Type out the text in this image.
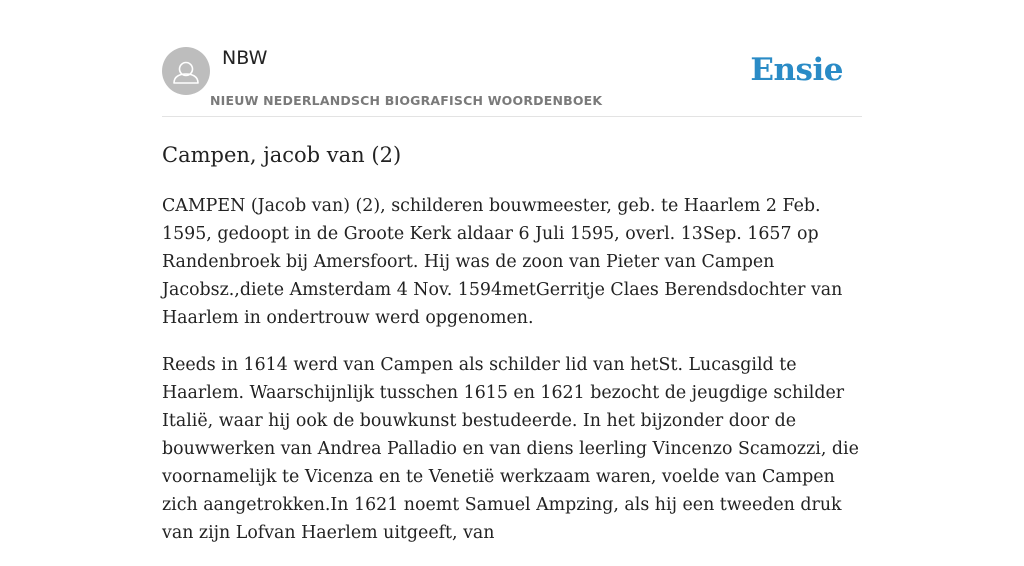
NBW
NIEUW NEDERLANDSCH BIOGRAFISCH WOORDENBOEK
Ensie
Campen, jacob van (2)

CAMPEN (Jacob van) (2), schilderen bouwmeester, geb. te Haarlem 2 Feb. 1595, gedoopt in de Groote Kerk aldaar 6 Juli 1595, overl. 13Sep. 1657 op Randenbroek bij Amersfoort. Hij was de zoon van Pieter van Campen Jacobsz.,diete Amsterdam 4 Nov. 1594metGerritje Claes Berendsdochter van Haarlem in ondertrouw werd opgenomen.

Reeds in 1614 werd van Campen als schilder lid van hetSt. Lucasgild te Haarlem. Waarschijnlijk tusschen 1615 en 1621 bezocht de jeugdige schilder Italië, waar hij ook de bouwkunst bestudeerde. In het bijzonder door de bouwwerken van Andrea Palladio en van diens leerling Vincenzo Scamozzi, die voornamelijk te Vicenza en te Venetië werkzaam waren, voelde van Campen zich aangetrokken.In 1621 noemt Samuel Ampzing, als hij een tweeden druk van zijn Lofvan Haerlem uitgeeft, van
